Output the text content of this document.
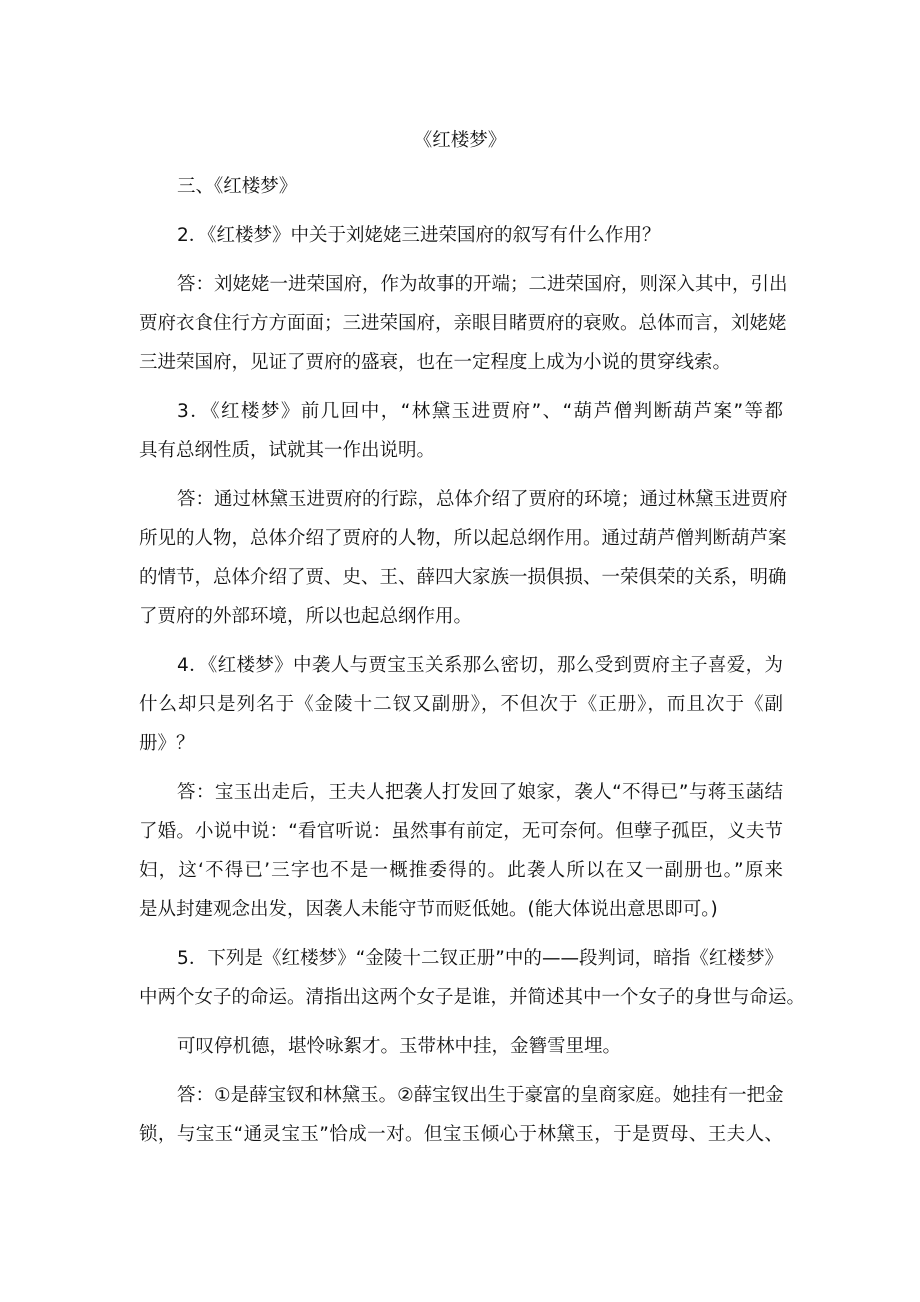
《红楼梦》
三、《红楼梦》
2．《红楼梦》中关于刘姥姥三进荣国府的叙写有什么作用？
答：刘姥姥一进荣国府，作为故事的开端；二进荣国府，则深入其中，引出
贾府衣食住行方方面面；三进荣国府，亲眼目睹贾府的衰败。总体而言，刘姥姥
三进荣国府，见证了贾府的盛衰，也在一定程度上成为小说的贯穿线索。
3．《红楼梦》前几回中，“林黛玉进贾府”、“葫芦僧判断葫芦案”等都
具有总纲性质，试就其一作出说明。
答：通过林黛玉进贾府的行踪，总体介绍了贾府的环境；通过林黛玉进贾府
所见的人物，总体介绍了贾府的人物，所以起总纲作用。通过葫芦僧判断葫芦案
的情节，总体介绍了贾、史、王、薛四大家族一损俱损、一荣俱荣的关系，明确
了贾府的外部环境，所以也起总纲作用。
4．《红楼梦》中袭人与贾宝玉关系那么密切，那么受到贾府主子喜爱，为
什么却只是列名于《金陵十二钗又副册》，不但次于《正册》，而且次于《副
册》？
答：宝玉出走后，王夫人把袭人打发回了娘家，袭人“不得已”与蒋玉菡结
了婚。小说中说：“看官听说：虽然事有前定，无可奈何。但孽子孤臣，义夫节
妇，这‘不得已’三字也不是一概推委得的。此袭人所以在又一副册也。”原来
是从封建观念出发，因袭人未能守节而贬低她。(能大体说出意思即可。)
5．下列是《红楼梦》“金陵十二钗正册”中的——段判词，暗指《红楼梦》
中两个女子的命运。清指出这两个女子是谁，并简述其中一个女子的身世与命运。
可叹停机德，堪怜咏絮才。玉带林中挂，金簪雪里埋。
答：①是薛宝钗和林黛玉。②薛宝钗出生于豪富的皇商家庭。她挂有一把金
锁，与宝玉“通灵宝玉”恰成一对。但宝玉倾心于林黛玉，于是贾母、王夫人、
